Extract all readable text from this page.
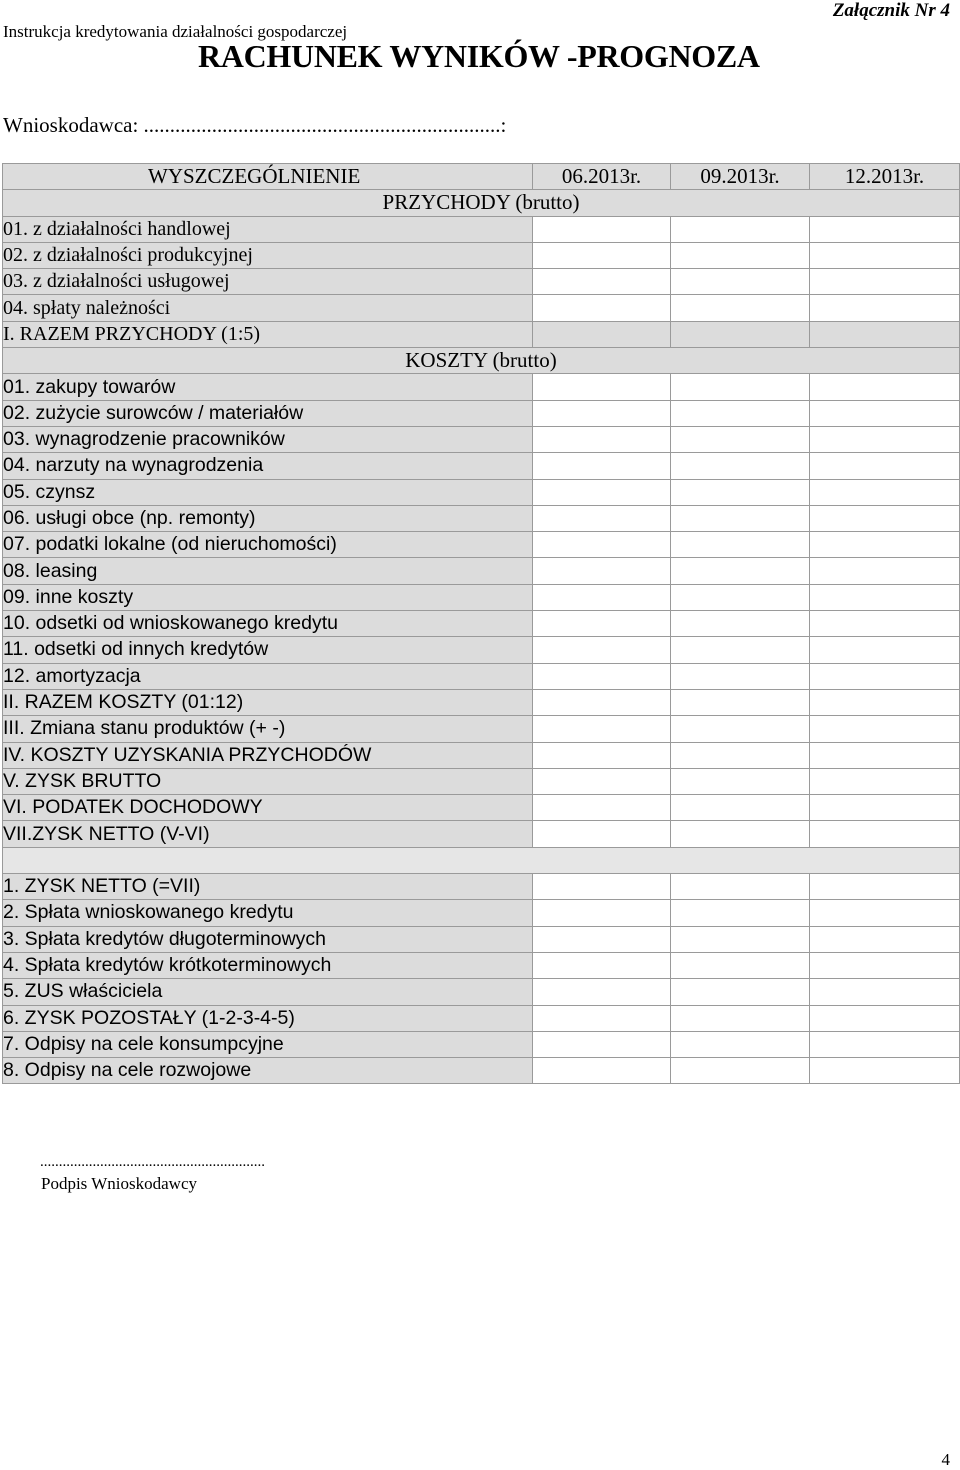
Instrukcja kredytowania działalności gospodarczej
Załącznik Nr 4
RACHUNEK WYNIKÓW -PROGNOZA
Wnioskodawca: ....................................................................:
WYSZCZEGÓLNIENIE	06.2013r.	09.2013r.	12.2013r.
PRZYCHODY (brutto)			
01. z działalności handlowej			
02. z działalności produkcyjnej			
03. z działalności usługowej			
04. spłaty należności			
I. RAZEM PRZYCHODY (1:5)			
KOSZTY (brutto)			
01. zakupy towarów			
02. zużycie surowców / materiałów			
03. wynagrodzenie pracowników			
04. narzuty na wynagrodzenia			
05. czynsz			
06. usługi obce (np. remonty)			
07. podatki lokalne (od nieruchomości)			
08. leasing			
09. inne koszty			
10. odsetki od wnioskowanego kredytu			
11. odsetki od innych kredytów			
12. amortyzacja			
II. RAZEM KOSZTY (01:12)			
III. Zmiana stanu produktów (+ -)			
IV. KOSZTY UZYSKANIA PRZYCHODÓW			
V. ZYSK BRUTTO			
VI. PODATEK DOCHODOWY			
VII.ZYSK NETTO (V-VI)			

1. ZYSK NETTO (=VII)			
2. Spłata wnioskowanego kredytu			
3. Spłata kredytów długoterminowych			
4. Spłata kredytów krótkoterminowych			
5. ZUS właściciela			
6. ZYSK POZOSTAŁY (1-2-3-4-5)			
7. Odpisy na cele konsumpcyjne			
8. Odpisy na cele rozwojowe			
............................................................
Podpis Wnioskodawcy
4
